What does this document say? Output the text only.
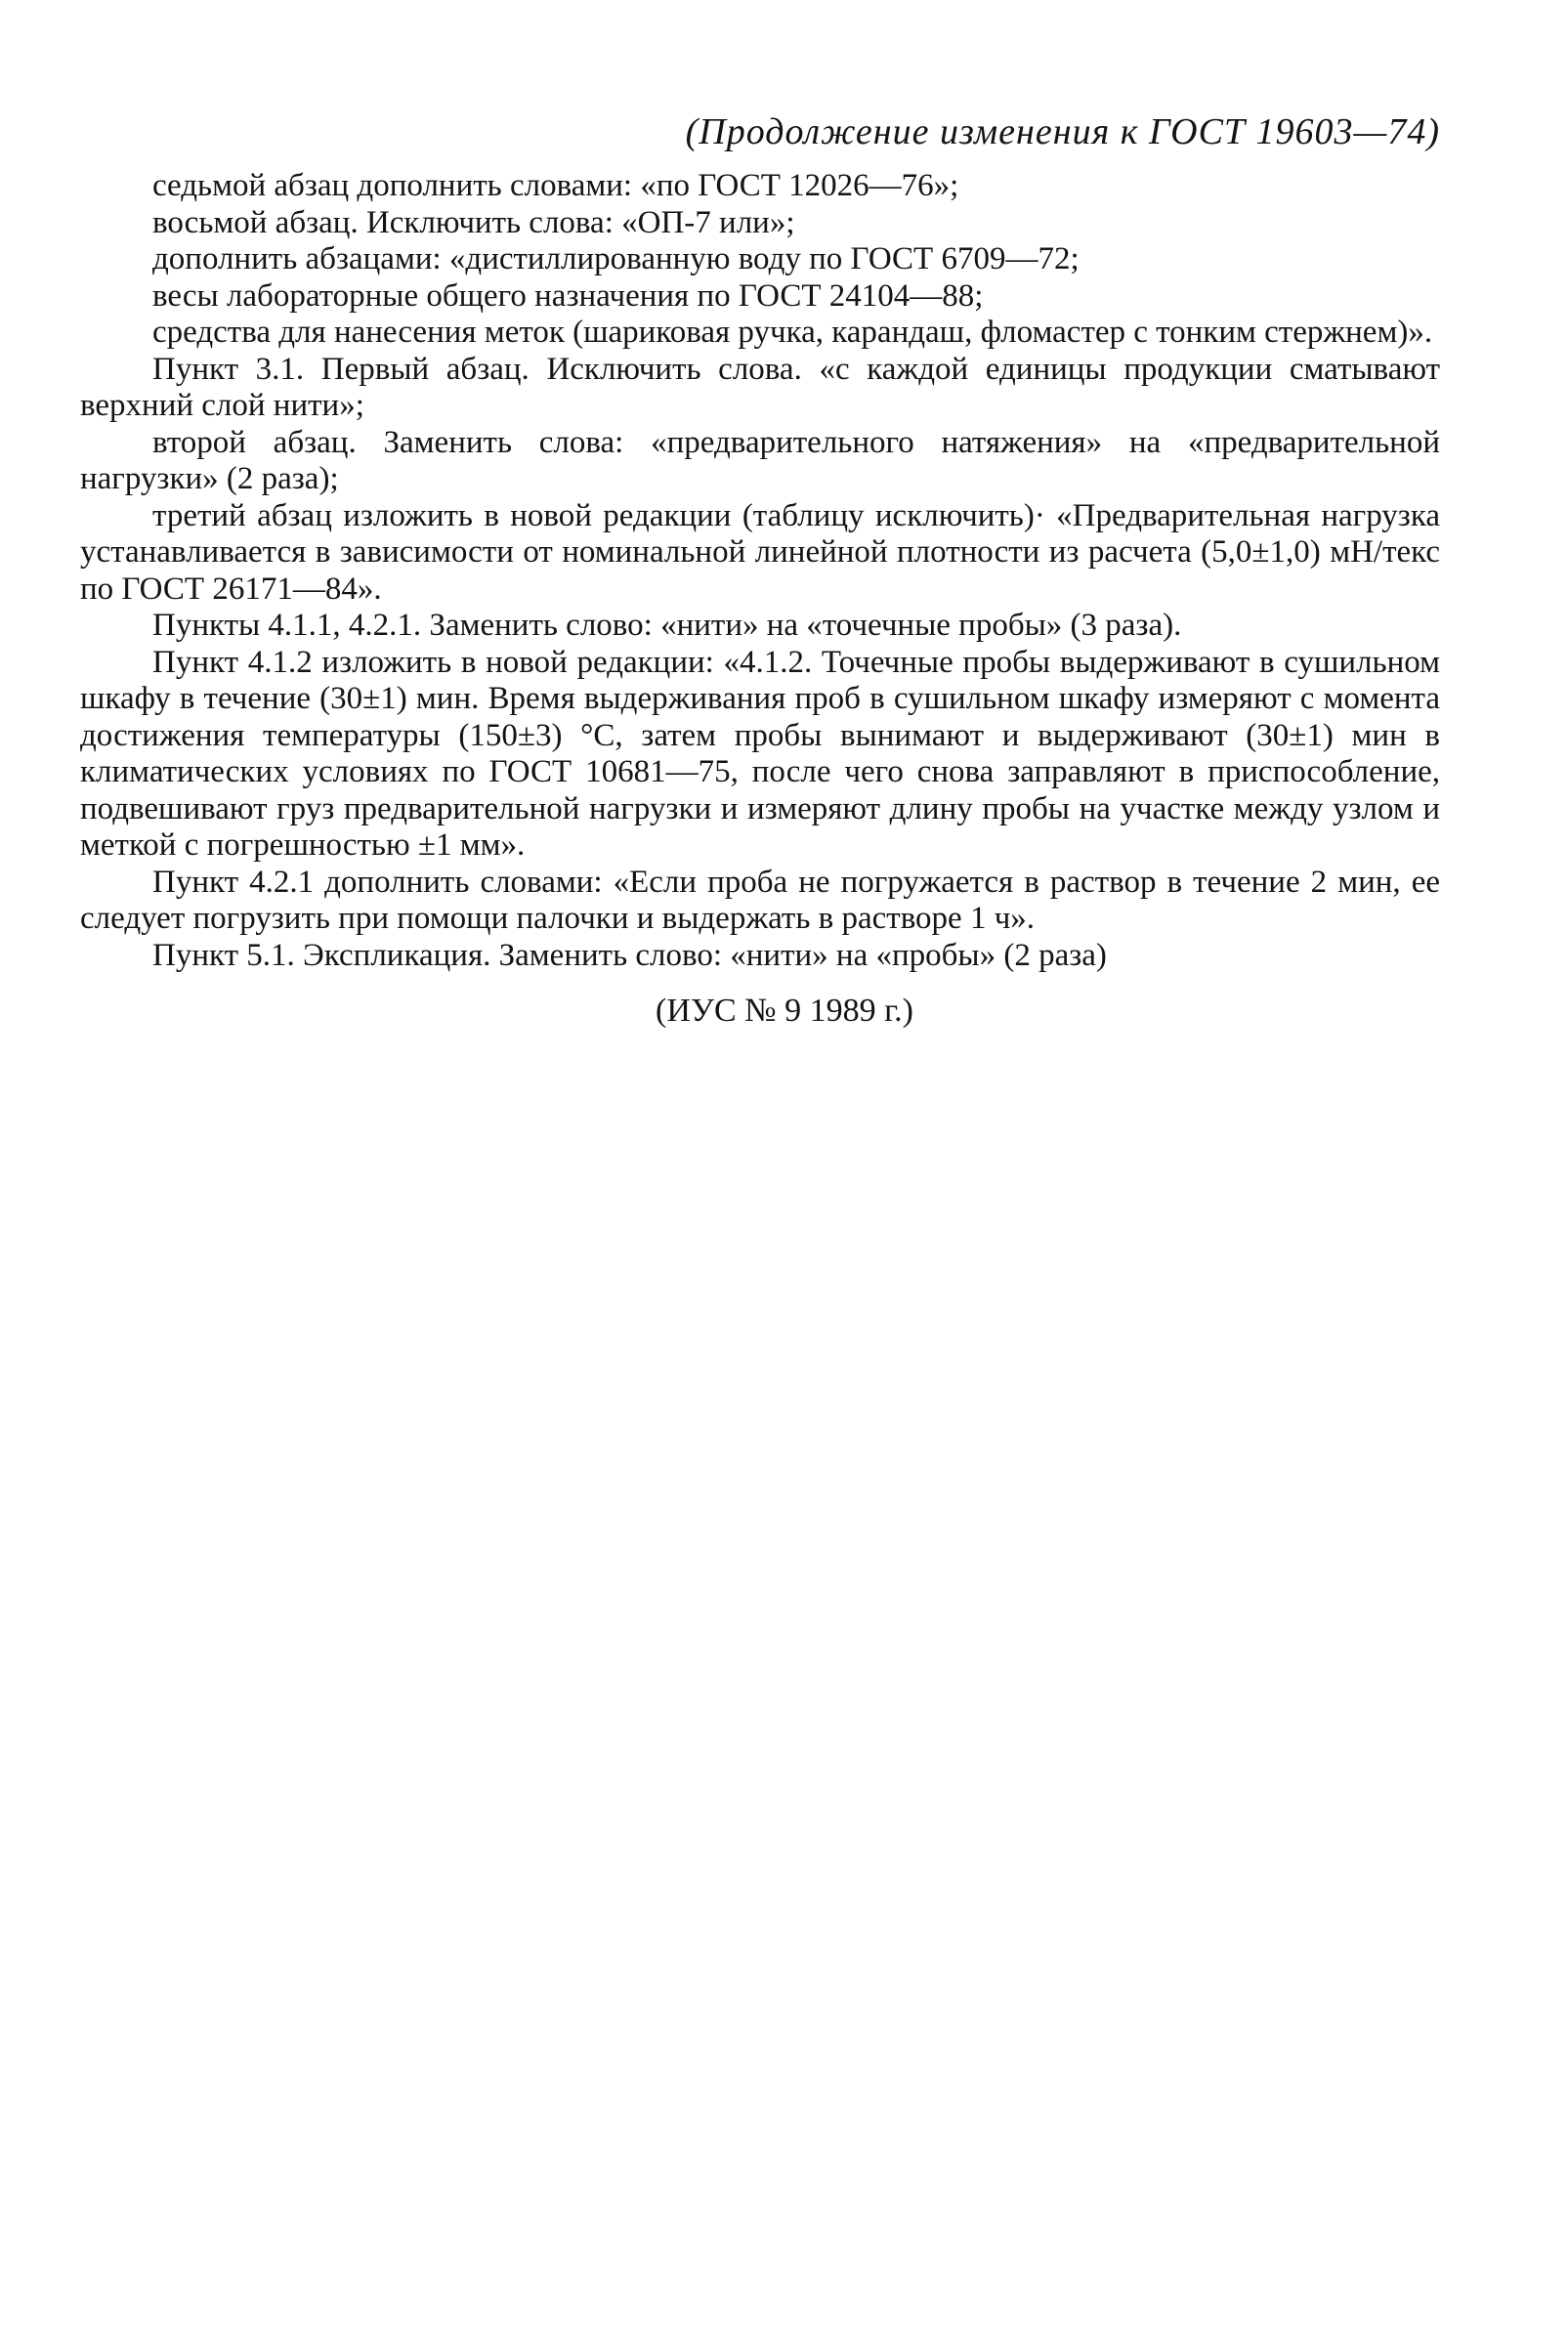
(Продолжение изменения к ГОСТ 19603—74)

седьмой абзац дополнить словами: «по ГОСТ 12026—76»;

восьмой абзац. Исключить слова: «ОП-7 или»;

дополнить абзацами: «дистиллированную воду по ГОСТ 6709—72;

весы лабораторные общего назначения по ГОСТ 24104—88;

средства для нанесения меток (шариковая ручка, карандаш, фломастер с тонким стержнем)».

Пункт 3.1. Первый абзац. Исключить слова. «с каждой единицы продукции сматывают верхний слой нити»;

второй абзац. Заменить слова: «предварительного натяжения» на «предварительной нагрузки» (2 раза);

третий абзац изложить в новой редакции (таблицу исключить)· «Предварительная нагрузка устанавливается в зависимости от номинальной линейной плотности из расчета (5,0±1,0) мН/текс по ГОСТ 26171—84».

Пункты 4.1.1, 4.2.1. Заменить слово: «нити» на «точечные пробы» (3 раза).

Пункт 4.1.2 изложить в новой редакции: «4.1.2. Точечные пробы выдерживают в сушильном шкафу в течение (30±1) мин. Время выдерживания проб в сушильном шкафу измеряют с момента достижения температуры (150±3) °С, затем пробы вынимают и выдерживают (30±1) мин в климатических условиях по ГОСТ 10681—75, после чего снова заправляют в приспособление, подвешивают груз предварительной нагрузки и измеряют длину пробы на участке между узлом и меткой с погрешностью ±1 мм».

Пункт 4.2.1 дополнить словами: «Если проба не погружается в раствор в течение 2 мин, ее следует погрузить при помощи палочки и выдержать в растворе 1 ч».

Пункт 5.1. Экспликация. Заменить слово: «нити» на «пробы» (2 раза)

(ИУС № 9 1989 г.)
